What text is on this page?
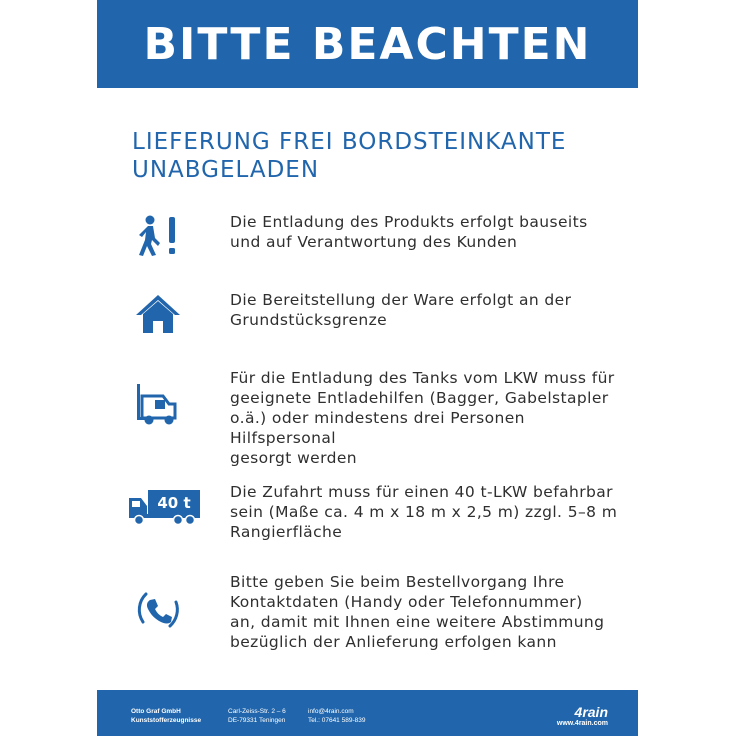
BITTE BEACHTEN
LIEFERUNG FREI BORDSTEINKANTE
UNABGELADEN
Die Entladung des Produkts erfolgt bauseits
und auf Verantwortung des Kunden
Die Bereitstellung der Ware erfolgt an der
Grundstücksgrenze
Für die Entladung des Tanks vom LKW muss für
geeignete Entladehilfen (Bagger, Gabelstapler
o.ä.) oder mindestens drei Personen Hilfspersonal
gesorgt werden
40 t
Die Zufahrt muss für einen 40 t-LKW befahrbar
sein (Maße ca. 4 m x 18 m x 2,5 m) zzgl. 5–8 m
Rangierfläche
Bitte geben Sie beim Bestellvorgang Ihre
Kontaktdaten (Handy oder Telefonnummer)
an, damit mit Ihnen eine weitere Abstimmung
bezüglich der Anlieferung erfolgen kann
Otto Graf GmbH
Kunststofferzeugnisse
Carl-Zeiss-Str. 2 – 6
DE-79331 Teningen
info@4rain.com
Tel.: 07641 589-839
4rain
www.4rain.com
